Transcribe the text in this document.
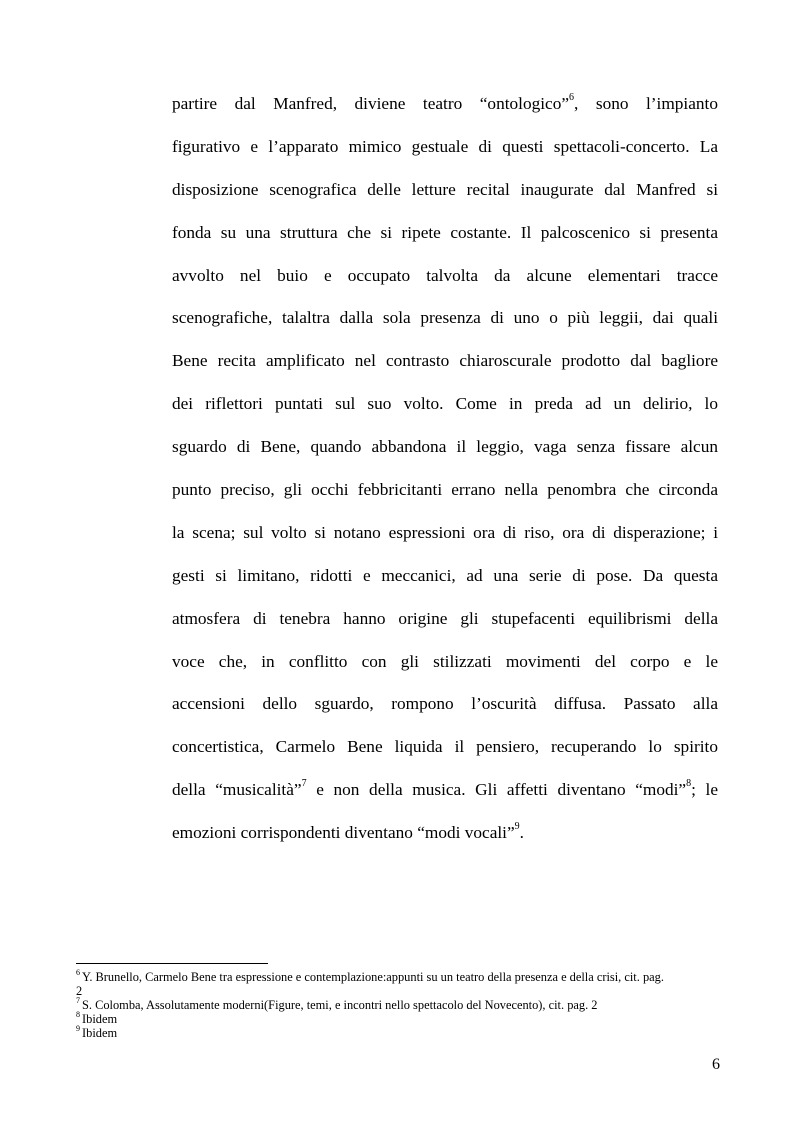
partire dal Manfred, diviene teatro “ontologico”$^6$, sono l’impianto
figurativo e l’apparato mimico gestuale di questi spettacoli-concerto. La
disposizione scenografica delle letture recital inaugurate dal Manfred si
fonda su una struttura che si ripete costante. Il palcoscenico si presenta
avvolto nel buio e occupato talvolta da alcune elementari tracce
scenografiche, talaltra dalla sola presenza di uno o più leggii, dai quali
Bene recita amplificato nel contrasto chiaroscurale prodotto dal bagliore
dei riflettori puntati sul suo volto. Come in preda ad un delirio, lo
sguardo di Bene, quando abbandona il leggio, vaga senza fissare alcun
punto preciso, gli occhi febbricitanti errano nella penombra che circonda
la scena; sul volto si notano espressioni ora di riso, ora di disperazione; i
gesti si limitano, ridotti e meccanici, ad una serie di pose. Da questa
atmosfera di tenebra hanno origine gli stupefacenti equilibrismi della
voce che, in conflitto con gli stilizzati movimenti del corpo e le
accensioni dello sguardo, rompono l’oscurità diffusa. Passato alla
concertistica, Carmelo Bene liquida il pensiero, recuperando lo spirito
della “musicalità”$^7$ e non della musica. Gli affetti diventano “modi”$^8$; le
emozioni corrispondenti diventano “modi vocali”$^9$.
$^6$ Y. Brunello, Carmelo Bene tra espressione e contemplazione:appunti su un teatro della presenza e della crisi, cit. pag.
2
$^7$ S. Colomba, Assolutamente moderni(Figure, temi, e incontri nello spettacolo del Novecento), cit. pag. 2
$^8$ Ibidem
$^9$ Ibidem
6
